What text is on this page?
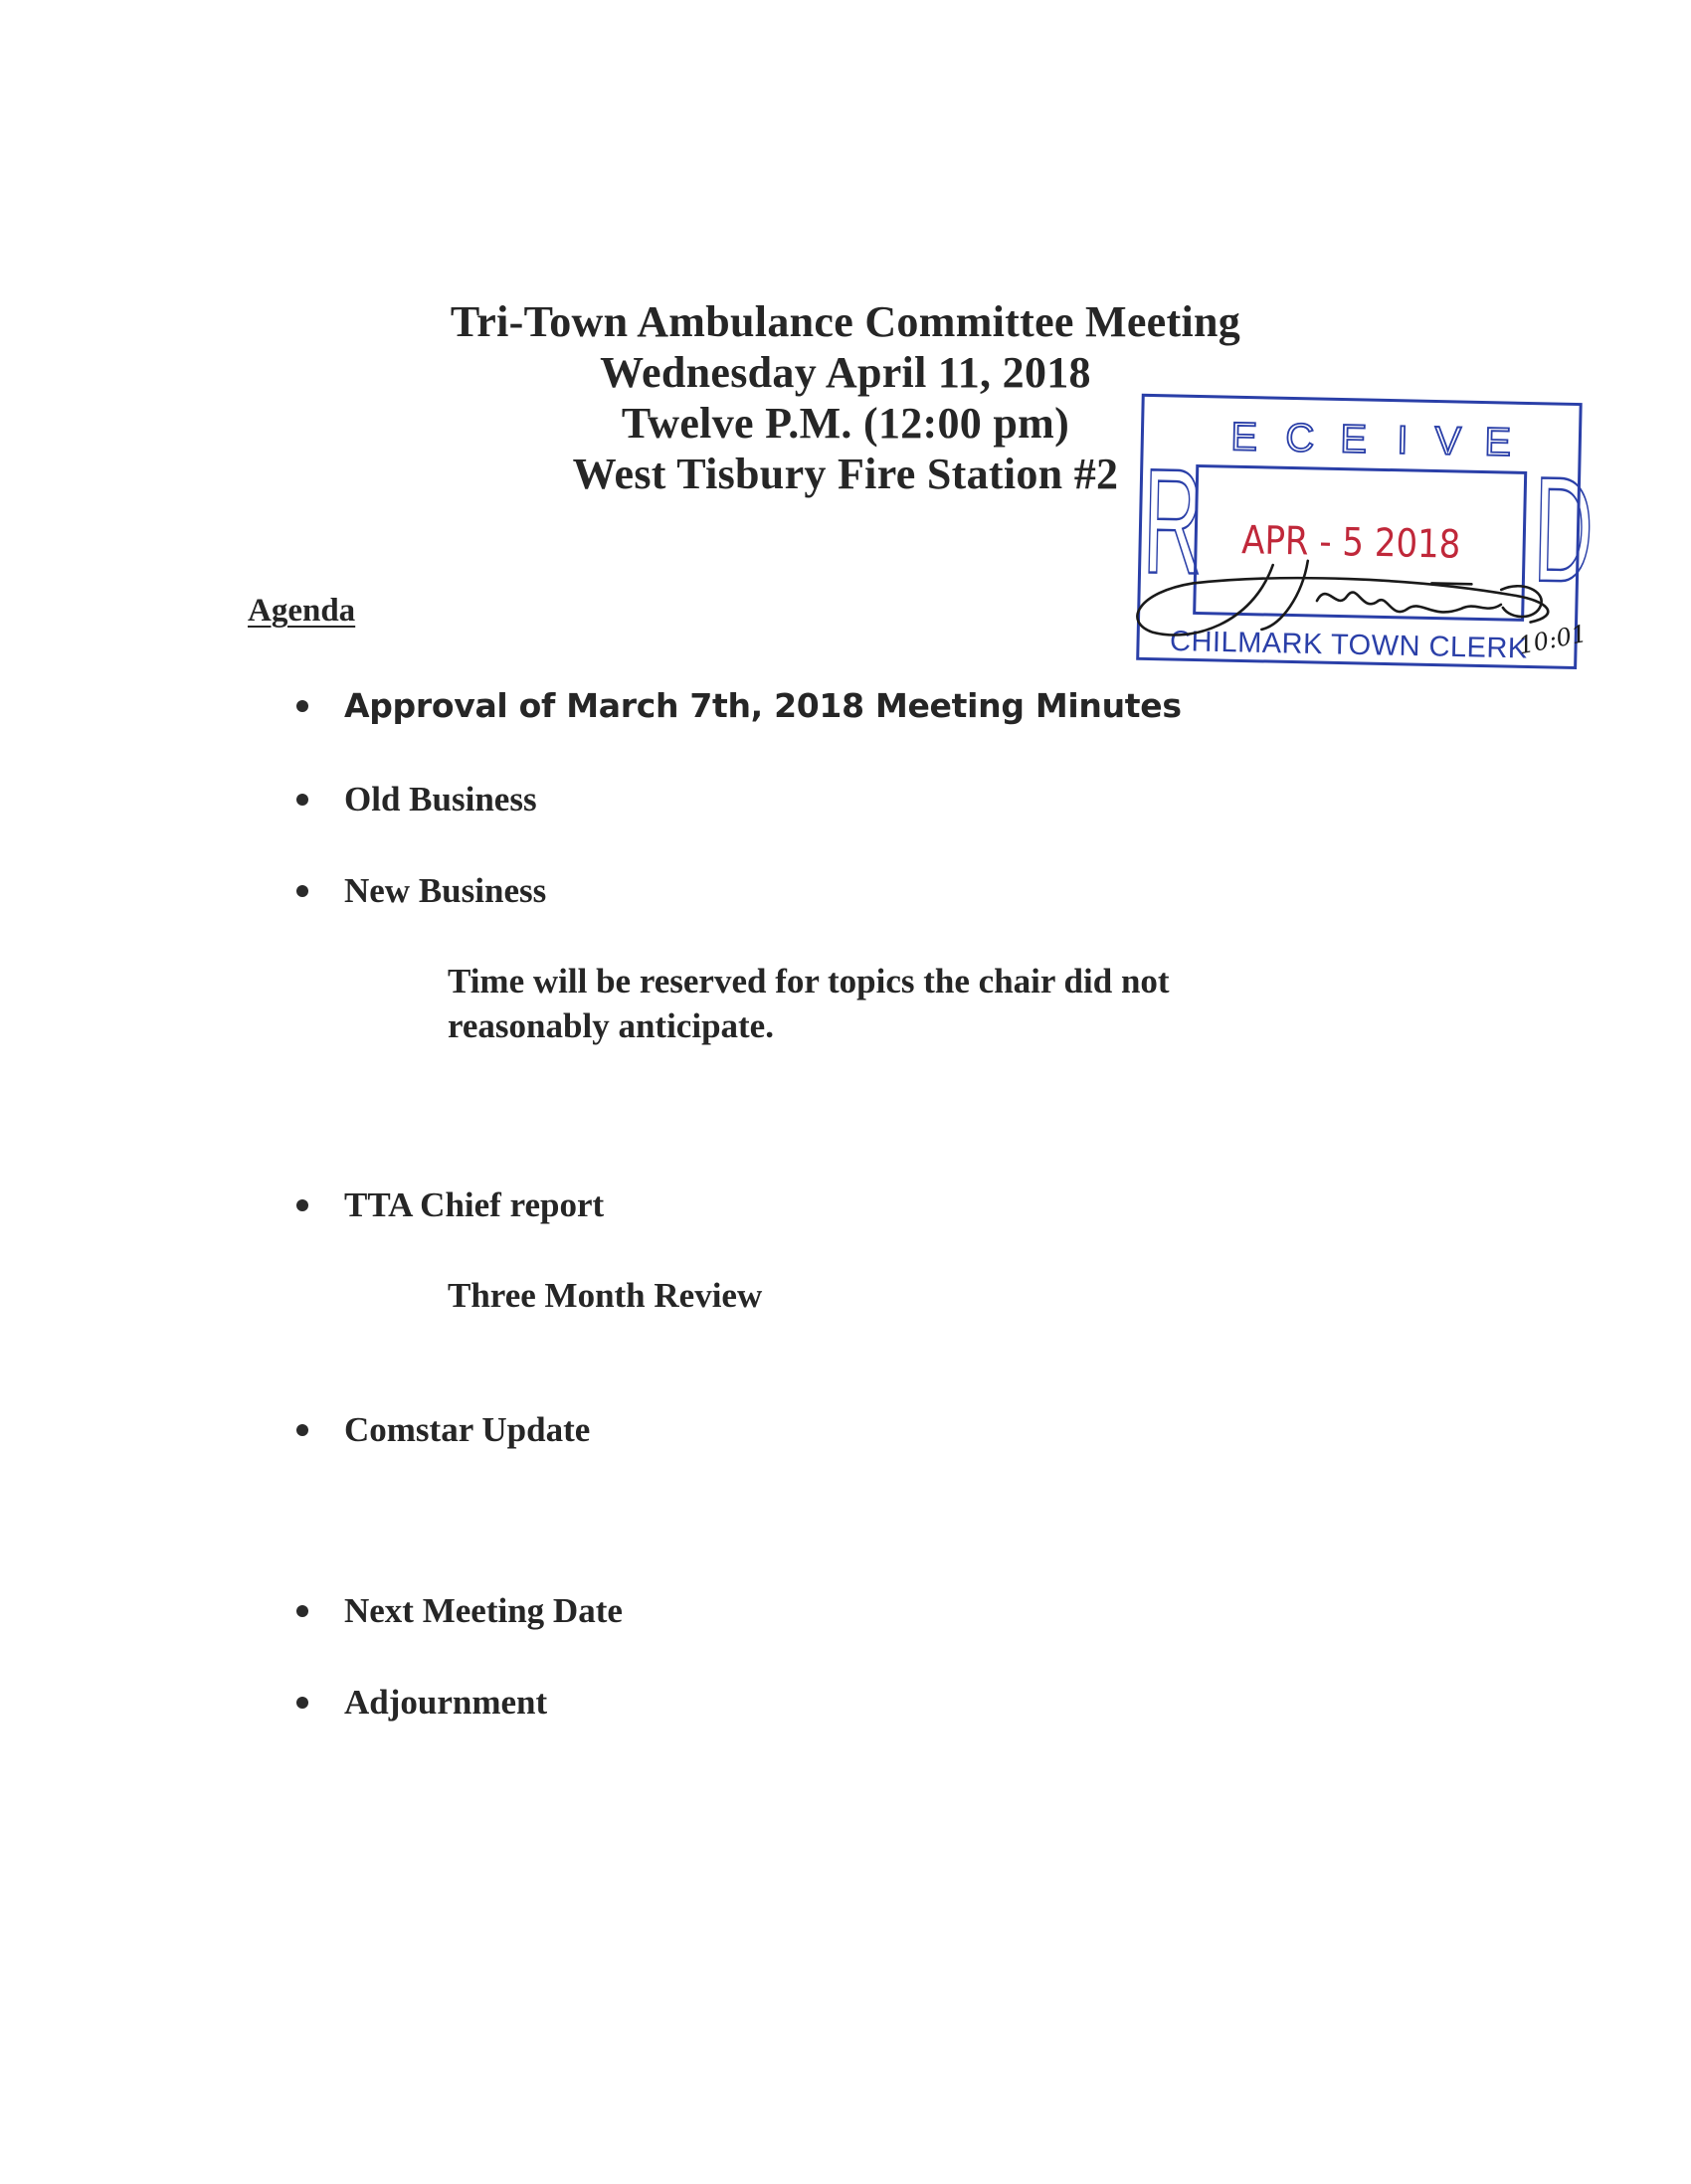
Tri-Town Ambulance Committee Meeting
Wednesday April 11, 2018
Twelve P.M. (12:00 pm)
West Tisbury Fire Station #2
Agenda
Approval of March 7th, 2018 Meeting Minutes
Old Business
New Business
Time will be reserved for topics the chair did not
reasonably anticipate.
TTA Chief report
Three Month Review
Comstar Update
Next Meeting Date
Adjournment
R D
E C E I V E
APR - 5 2018
CHILMARK TOWN CLERK
10:01
